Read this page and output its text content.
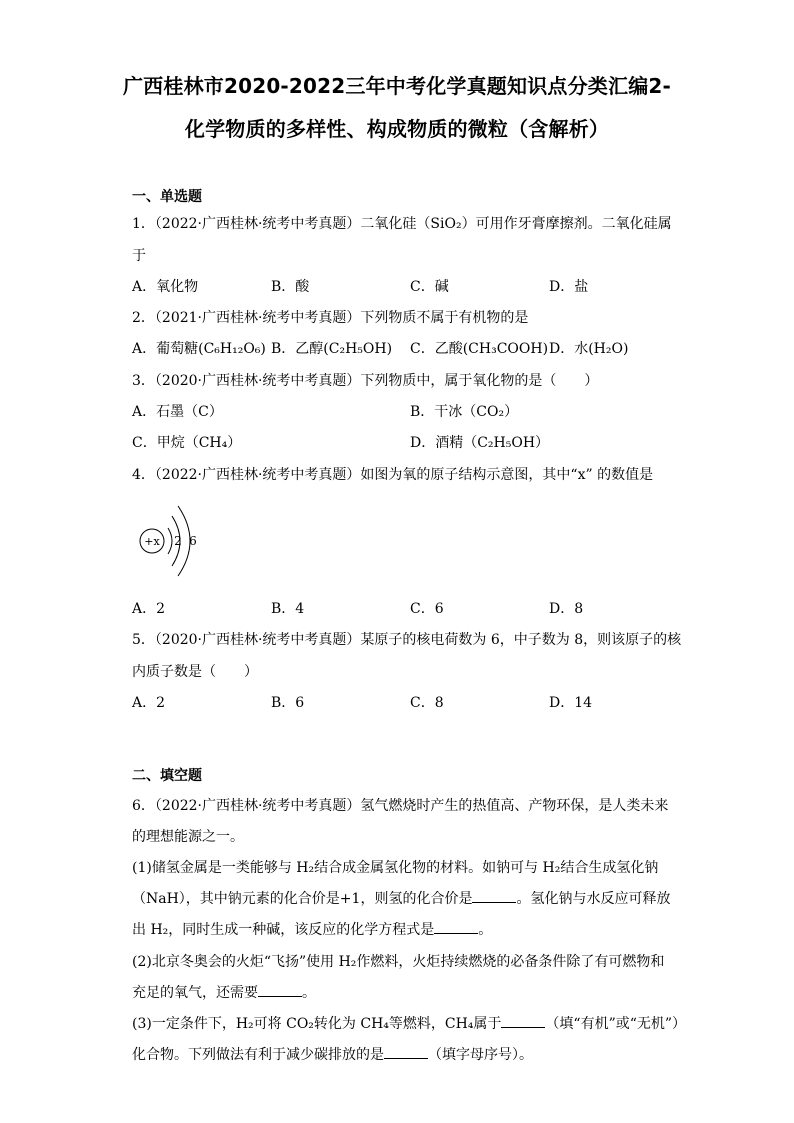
广西桂林市2020-2022三年中考化学真题知识点分类汇编2-
化学物质的多样性、构成物质的微粒（含解析）
一、单选题
1．（2022·广西桂林·统考中考真题）二氧化硅（SiO₂）可用作牙膏摩擦剂。二氧化硅属
于
A．氧化物	B．酸	C．碱	D．盐
2．（2021·广西桂林·统考中考真题）下列物质不属于有机物的是
A．葡萄糖(C₆H₁₂O₆) B．乙醇(C₂H₅OH) C．乙酸(CH₃COOH) D．水(H₂O)
3．（2020·广西桂林·统考中考真题）下列物质中，属于氧化物的是（　　）
A．石墨（C）	B．干冰（CO₂）
C．甲烷（CH₄）	D．酒精（C₂H₅OH）
4．（2022·广西桂林·统考中考真题）如图为氧的原子结构示意图，其中“x” 的数值是
+x 2 6
A．2	B．4	C．6	D．8
5．（2020·广西桂林·统考中考真题）某原子的核电荷数为 6，中子数为 8，则该原子的核
内质子数是（　　）
A．2	B．6	C．8	D．14
二、填空题
6．（2022·广西桂林·统考中考真题）氢气燃烧时产生的热值高、产物环保，是人类未来
的理想能源之一。
(1)储氢金属是一类能够与 H₂结合成金属氢化物的材料。如钠可与 H₂结合生成氢化钠
（NaH），其中钠元素的化合价是+1，则氢的化合价是	。氢化钠与水反应可释放
出 H₂，同时生成一种碱，该反应的化学方程式是	。
(2)北京冬奥会的火炬“飞扬”使用 H₂作燃料，火炬持续燃烧的必备条件除了有可燃物和
充足的氧气，还需要	。
(3)一定条件下，H₂可将 CO₂转化为 CH₄等燃料，CH₄属于	（填“有机”或“无机”）
化合物。下列做法有利于减少碳排放的是	（填字母序号）。
